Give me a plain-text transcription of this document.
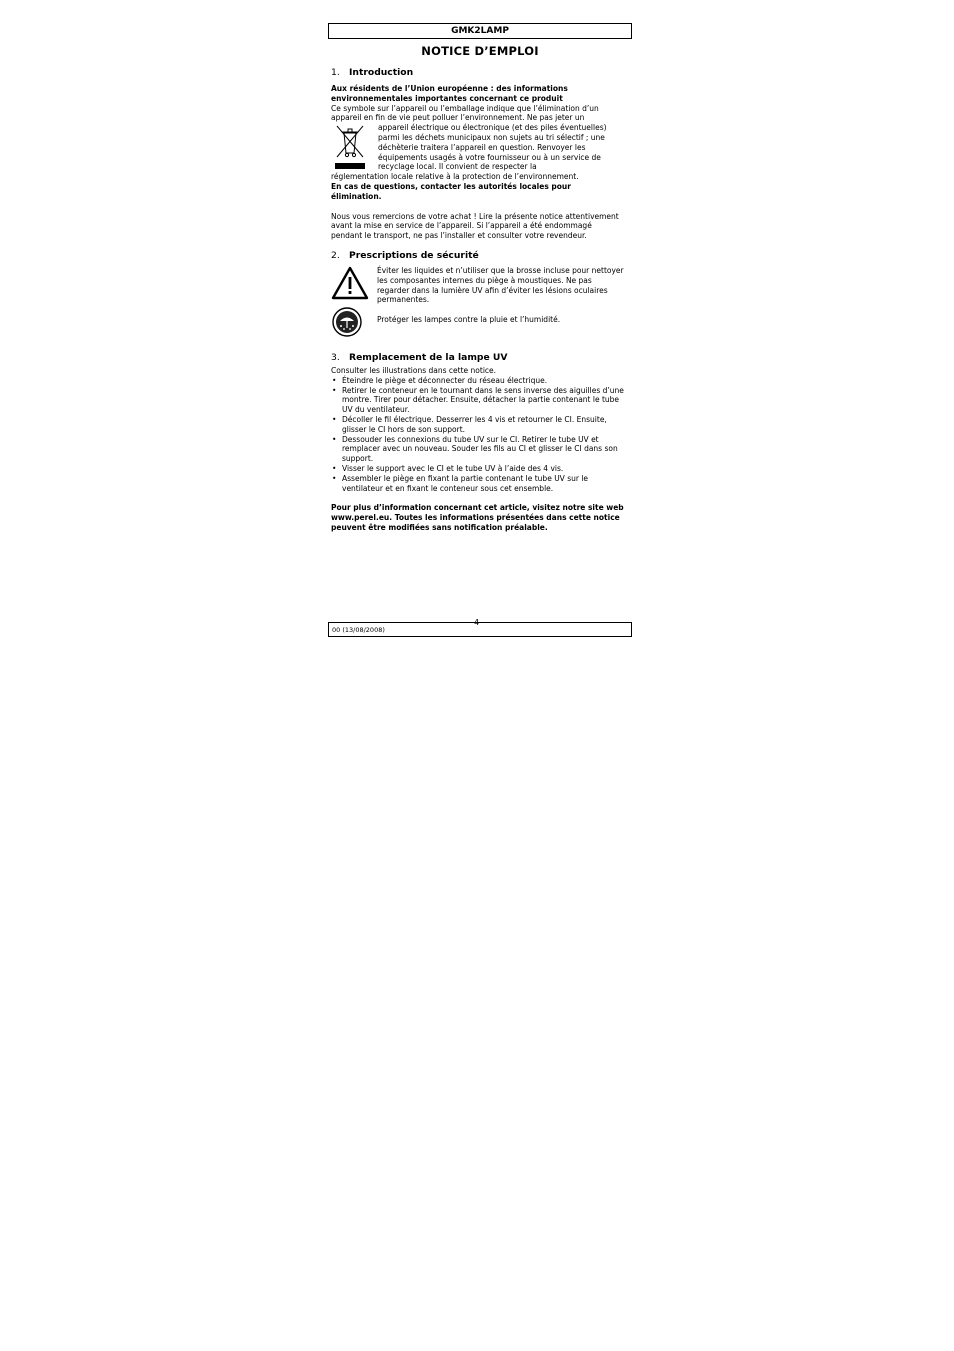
GMK2LAMP
NOTICE D’EMPLOI
1. Introduction

Aux résidents de l’Union européenne : des informations environnementales importantes concernant ce produit

Ce symbole sur l’appareil ou l’emballage indique que l’élimination d’un appareil en fin de vie peut polluer l’environnement. Ne pas jeter un

appareil électrique ou électronique (et des piles éventuelles) parmi les déchets municipaux non sujets au tri sélectif ; une déchèterie traitera l’appareil en question. Renvoyer les équipements usagés à votre fournisseur ou à un service de recyclage local. Il convient de respecter la

réglementation locale relative à la protection de l’environnement.

En cas de questions, contacter les autorités locales pour élimination.

Nous vous remercions de votre achat ! Lire la présente notice attentivement avant la mise en service de l’appareil. Si l’appareil a été endommagé pendant le transport, ne pas l’installer et consulter votre revendeur.

2. Prescriptions de sécurité
Éviter les liquides et n’utiliser que la brosse incluse pour nettoyer les composantes internes du piège à moustiques. Ne pas regarder dans la lumière UV afin d’éviter les lésions oculaires permanentes.
Protéger les lampes contre la pluie et l’humidité.
3. Remplacement de la lampe UV

Consulter les illustrations dans cette notice.

• Éteindre le piège et déconnecter du réseau électrique.
• Retirer le conteneur en le tournant dans le sens inverse des aiguilles d’une montre. Tirer pour détacher. Ensuite, détacher la partie contenant le tube UV du ventilateur.
• Décoller le fil électrique. Desserrer les 4 vis et retourner le CI. Ensuite, glisser le CI hors de son support.
• Dessouder les connexions du tube UV sur le CI. Retirer le tube UV et remplacer avec un nouveau. Souder les fils au CI et glisser le CI dans son support.
• Visser le support avec le CI et le tube UV à l’aide des 4 vis.
• Assembler le piège en fixant la partie contenant le tube UV sur le ventilateur et en fixant le conteneur sous cet ensemble.

Pour plus d’information concernant cet article, visitez notre site web www.perel.eu. Toutes les informations présentées dans cette notice peuvent être modifiées sans notification préalable.

00 (13/08/2008)
4
